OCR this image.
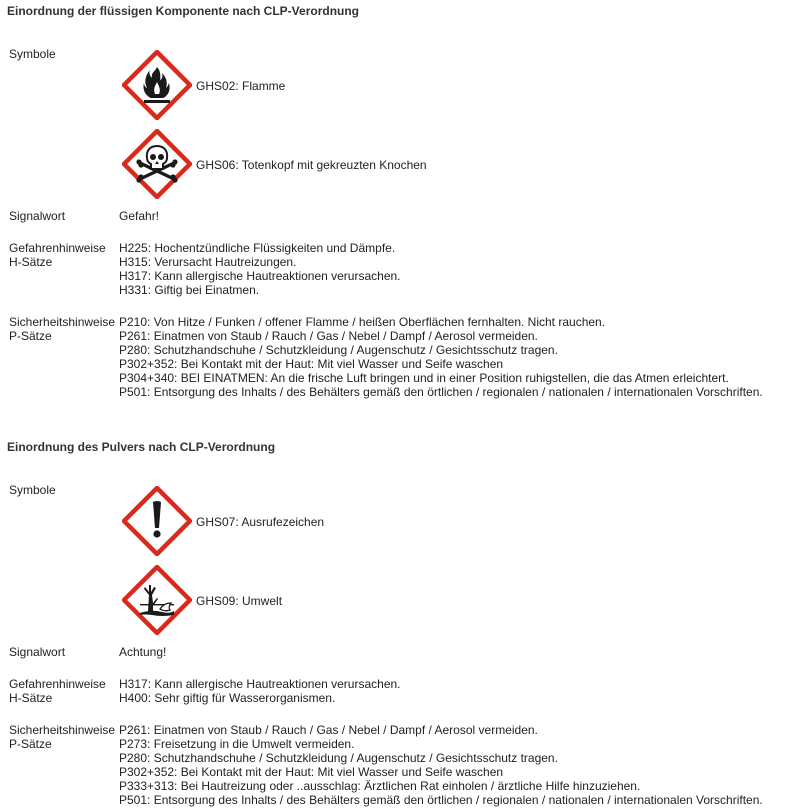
Einordnung der flüssigen Komponente nach CLP-Verordnung
Symbole
GHS02: Flamme
GHS06: Totenkopf mit gekreuzten Knochen
Signalwort	Gefahr!
Gefahrenhinweise
H-Sätze
H225: Hochentzündliche Flüssigkeiten und Dämpfe.
H315: Verursacht Hautreizungen.
H317: Kann allergische Hautreaktionen verursachen.
H331: Giftig bei Einatmen.
Sicherheitshinweise
P-Sätze
P210: Von Hitze / Funken / offener Flamme / heißen Oberflächen fernhalten. Nicht rauchen.
P261: Einatmen von Staub / Rauch / Gas / Nebel / Dampf / Aerosol vermeiden.
P280: Schutzhandschuhe / Schutzkleidung / Augenschutz / Gesichtsschutz tragen.
P302+352: Bei Kontakt mit der Haut: Mit viel Wasser und Seife waschen
P304+340: BEI EINATMEN: An die frische Luft bringen und in einer Position ruhigstellen, die das Atmen erleichtert.
P501: Entsorgung des Inhalts / des Behälters gemäß den örtlichen / regionalen / nationalen / internationalen Vorschriften.
Einordnung des Pulvers nach CLP-Verordnung
Symbole
GHS07: Ausrufezeichen
GHS09: Umwelt
Signalwort	Achtung!
Gefahrenhinweise
H-Sätze
H317: Kann allergische Hautreaktionen verursachen.
H400: Sehr giftig für Wasserorganismen.
Sicherheitshinweise
P-Sätze
P261: Einatmen von Staub / Rauch / Gas / Nebel / Dampf / Aerosol vermeiden.
P273: Freisetzung in die Umwelt vermeiden.
P280: Schutzhandschuhe / Schutzkleidung / Augenschutz / Gesichtsschutz tragen.
P302+352: Bei Kontakt mit der Haut: Mit viel Wasser und Seife waschen
P333+313: Bei Hautreizung oder ..ausschlag: Ärztlichen Rat einholen / ärztliche Hilfe hinzuziehen.
P501: Entsorgung des Inhalts / des Behälters gemäß den örtlichen / regionalen / nationalen / internationalen Vorschriften.
